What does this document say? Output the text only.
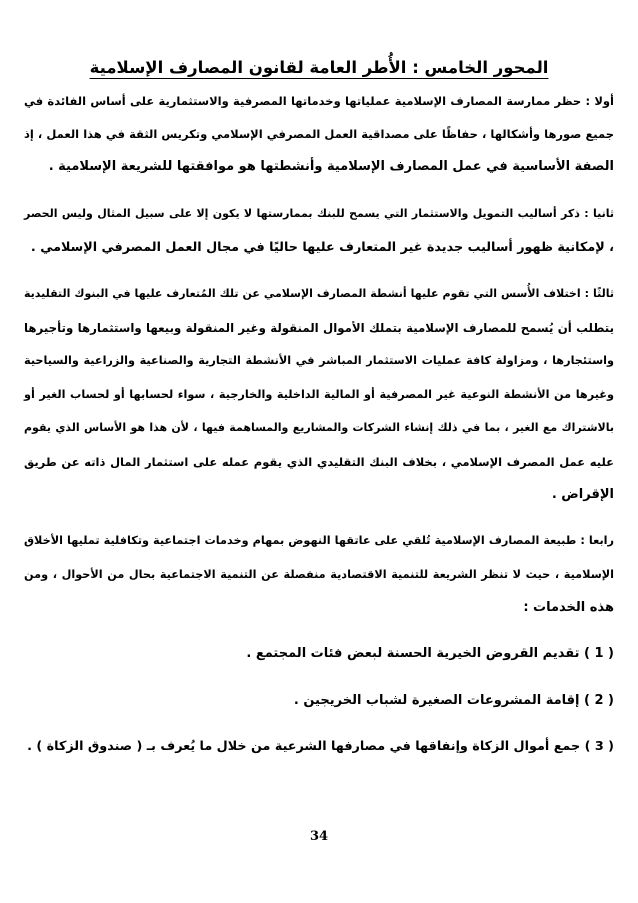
المحور الخامس : الأُطر العامة لقانون المصارف الإسلامية
أولا : حظر ممارسة المصارف الإسلامية عملياتها وخدماتها المصرفية والاستثمارية على أساس الفائدة في
جميع صورها وأشكالها ، حفاظًا على مصداقية العمل المصرفي الإسلامي وتكريس الثقة في هذا العمل ، إذ
الصفة الأساسية في عمل المصارف الإسلامية وأنشطتها هو موافقتها للشريعة الإسلامية .
ثانيا : ذكر أساليب التمويل والاستثمار التي يسمح للبنك بممارستها لا يكون إلا على سبيل المثال وليس الحصر
، لإمكانية ظهور أساليب جديدة غير المتعارف عليها حاليًا في مجال العمل المصرفي الإسلامي .
ثالثًا : اختلاف الأُسس التي تقوم عليها أنشطة المصارف الإسلامي عن تلك المُتعارف عليها في البنوك التقليدية
يتطلب أن يُسمح للمصارف الإسلامية بتملك الأموال المنقولة وغير المنقولة وبيعها واستثمارها وتأجيرها
واستئجارها ، ومزاولة كافة عمليات الاستثمار المباشر في الأنشطة التجارية والصناعية والزراعية والسياحية
وغيرها من الأنشطة النوعية غير المصرفية أو المالية الداخلية والخارجية ، سواء لحسابها أو لحساب الغير أو
بالاشتراك مع الغير ، بما في ذلك إنشاء الشركات والمشاريع والمساهمة فيها ، لأن هذا هو الأساس الذي يقوم
عليه عمل المصرف الإسلامي ، بخلاف البنك التقليدي الذي يقوم عمله على استثمار المال ذاته عن طريق
الإقراض .
رابعا : طبيعة المصارف الإسلامية تُلقي على عاتقها النهوض بمهام وخدمات اجتماعية وتكافلية تمليها الأخلاق
الإسلامية ، حيث لا تنظر الشريعة للتنمية الاقتصادية منفصلة عن التنمية الاجتماعية بحال من الأحوال ، ومن
هذه الخدمات :
( 1 ) تقديم القروض الخيرية الحسنة لبعض فئات المجتمع .
( 2 ) إقامة المشروعات الصغيرة لشباب الخريجين .
( 3 ) جمع أموال الزكاة وإنفاقها في مصارفها الشرعية من خلال ما يُعرف بـ ( صندوق الزكاة ) .
34
